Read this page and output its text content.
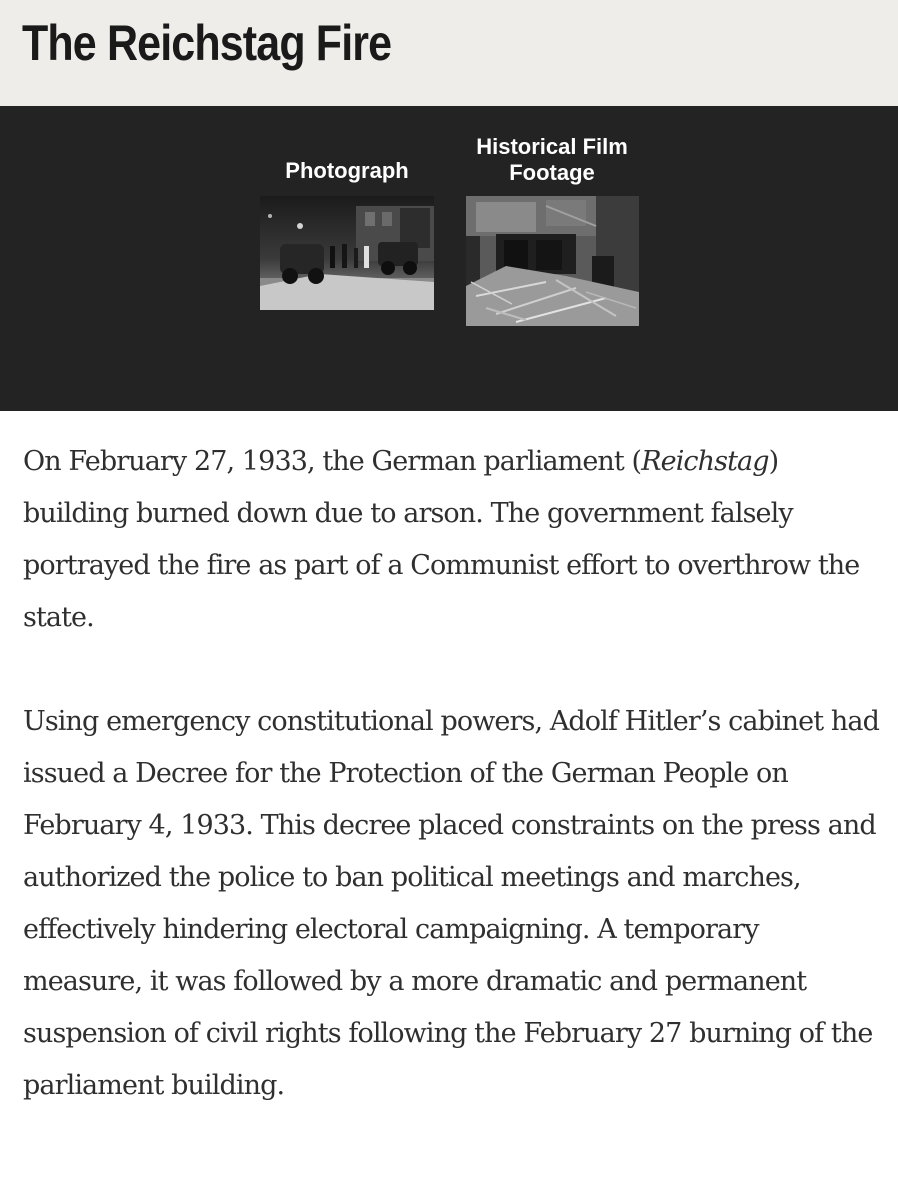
The Reichstag Fire
Photograph
Historical Film
Footage

On February 27, 1933, the German parliament (Reichstag) building burned down due to arson. The government falsely portrayed the fire as part of a Communist effort to overthrow the state.

Using emergency constitutional powers, Adolf Hitler’s cabinet had issued a Decree for the Protection of the German People on February 4, 1933. This decree placed constraints on the press and authorized the police to ban political meetings and marches, effectively hindering electoral campaigning. A temporary measure, it was followed by a more dramatic and permanent suspension of civil rights following the February 27 burning of the parliament building.
